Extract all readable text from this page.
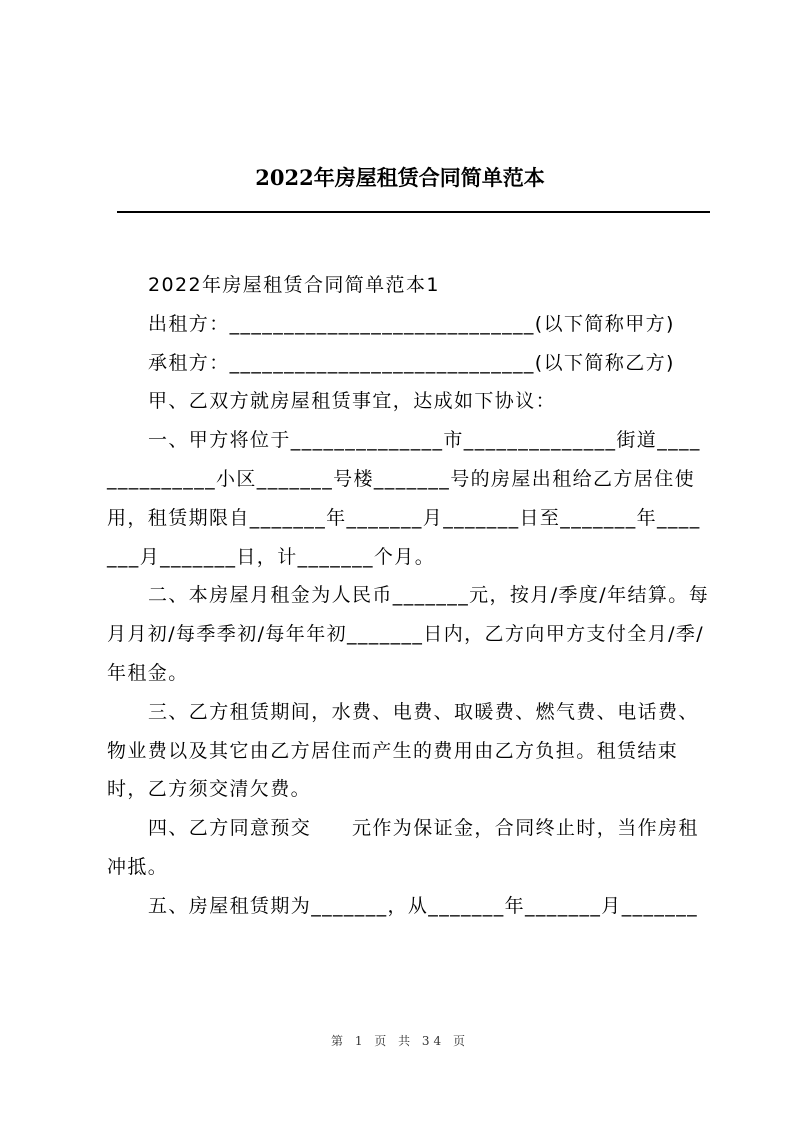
2022年房屋租赁合同简单范本

2022年房屋租赁合同简单范本1

出租方：____________________________(以下简称甲方)

承租方：____________________________(以下简称乙方)

甲、乙双方就房屋租赁事宜，达成如下协议：

一、甲方将位于______________市______________街道______________小区_______号楼_______号的房屋出租给乙方居住使用，租赁期限自_______年_______月_______日至_______年_______月_______日，计_______个月。

二、本房屋月租金为人民币_______元，按月/季度/年结算。每月月初/每季季初/每年年初_______日内，乙方向甲方支付全月/季/年租金。

三、乙方租赁期间，水费、电费、取暖费、燃气费、电话费、物业费以及其它由乙方居住而产生的费用由乙方负担。租赁结束时，乙方须交清欠费。

四、乙方同意预交　　元作为保证金，合同终止时，当作房租冲抵。

五、房屋租赁期为_______，从_______年_______月_______

第 1 页 共 34 页
